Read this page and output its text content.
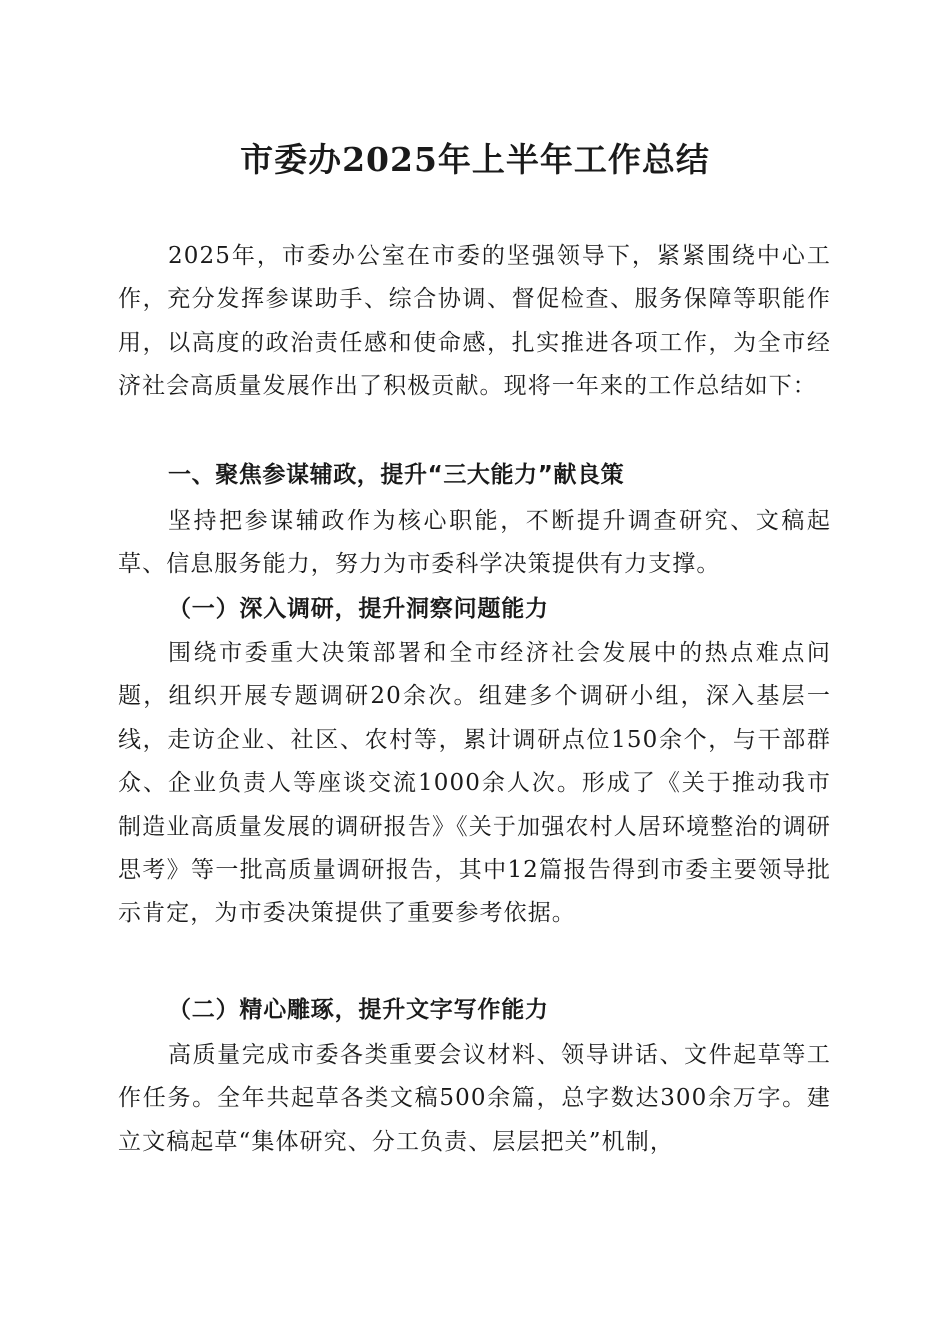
市委办2025年上半年工作总结

2025年，市委办公室在市委的坚强领导下，紧紧围绕中心工作，充分发挥参谋助手、综合协调、督促检查、服务保障等职能作用，以高度的政治责任感和使命感，扎实推进各项工作，为全市经济社会高质量发展作出了积极贡献。现将一年来的工作总结如下：

一、聚焦参谋辅政，提升“三大能力”献良策

坚持把参谋辅政作为核心职能，不断提升调查研究、文稿起草、信息服务能力，努力为市委科学决策提供有力支撑。

（一）深入调研，提升洞察问题能力

围绕市委重大决策部署和全市经济社会发展中的热点难点问题，组织开展专题调研20余次。组建多个调研小组，深入基层一线，走访企业、社区、农村等，累计调研点位150余个，与干部群众、企业负责人等座谈交流1000余人次。形成了《关于推动我市制造业高质量发展的调研报告》《关于加强农村人居环境整治的调研思考》等一批高质量调研报告，其中12篇报告得到市委主要领导批示肯定，为市委决策提供了重要参考依据。

（二）精心雕琢，提升文字写作能力

高质量完成市委各类重要会议材料、领导讲话、文件起草等工作任务。全年共起草各类文稿500余篇，总字数达300余万字。建立文稿起草“集体研究、分工负责、层层把关”机制，
